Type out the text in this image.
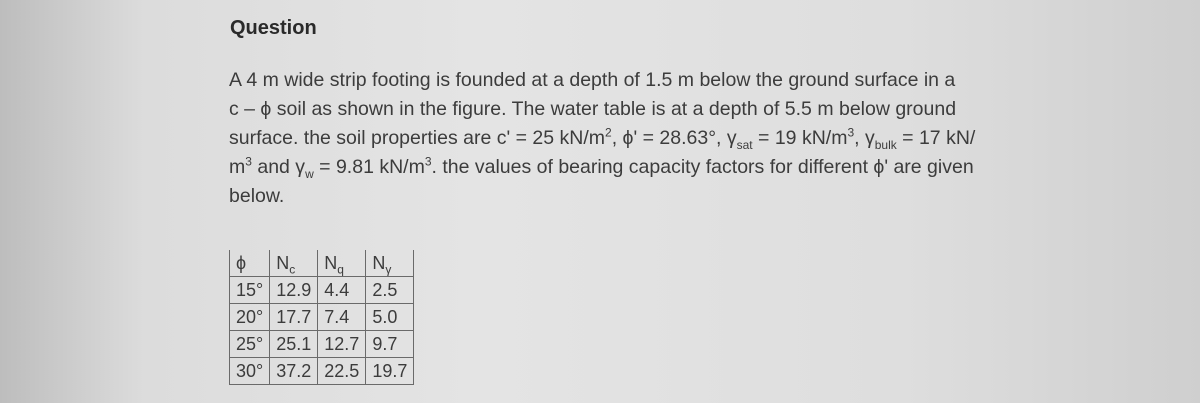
Question
A 4 m wide strip footing is founded at a depth of 1.5 m below the ground surface in a
c – ϕ soil as shown in the figure. The water table is at a depth of 5.5 m below ground
surface. the soil properties are c' = 25 $kN/m^2$, ϕ' = 28.63°, $\gamma_{sat} = 19$ $kN/m^3$, $\gamma_{bulk} = 17$ kN/
$m^3$ and $\gamma_w = 9.81$ $kN/m^3$. the values of bearing capacity factors for different ϕ' are given
below.
ϕ	$N_c$	$N_q$	$N_\gamma$
15°	12.9	4.4	2.5
20°	17.7	7.4	5.0
25°	25.1	12.7	9.7
30°	37.2	22.5	19.7
